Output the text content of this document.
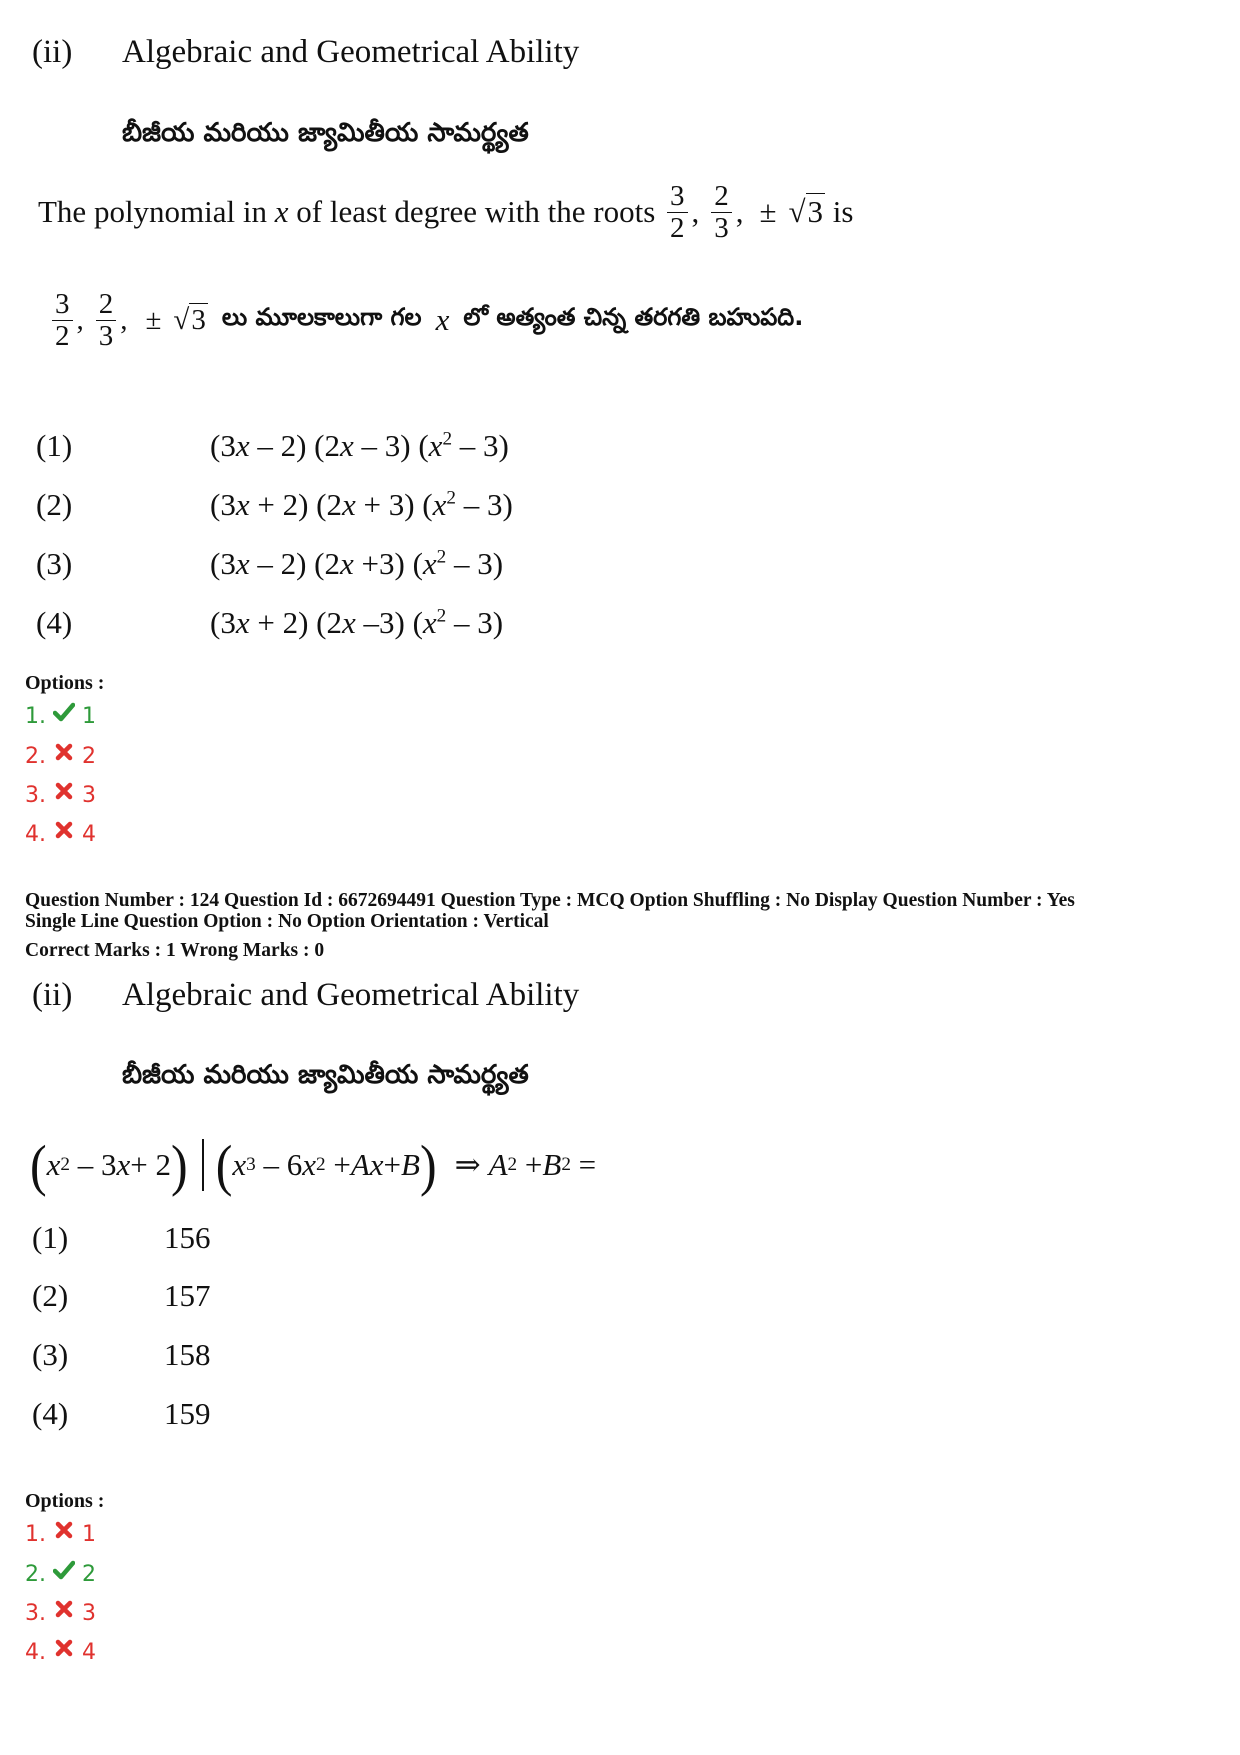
(ii) Algebraic and Geometrical Ability
బీజీయ మరియు జ్యామితీయ సామర్థ్యత
The polynomial in x of least degree with the roots $\frac{3}{2}$ , $\frac{2}{3}$ , ± √3 is
$\frac{3}{2}$ , $\frac{2}{3}$ , ± √3 లు మూలకాలుగా గల x లో అత్యంత చిన్న తరగతి బహుపది.
(1)	(3x – 2) (2x – 3) $(x^2 - 3)$
(2)	(3x + 2) (2x + 3) $(x^2 - 3)$
(3)	(3x – 2) (2x +3) $(x^2 - 3)$
(4)	(3x + 2) (2x –3) $(x^2 - 3)$
Options :
1. 1
2. 2
3. 3
4. 4
Question Number : 124 Question Id : 6672694491 Question Type : MCQ Option Shuffling : No Display Question Number : Yes
Single Line Question Option : No Option Orientation : Vertical
Correct Marks : 1 Wrong Marks : 0
(ii) Algebraic and Geometrical Ability
బీజీయ మరియు జ్యామితీయ సామర్థ్యత
( x 2 – 3 x + 2 ) ( x 3 – 6 x 2 + Ax + B ) ⇒ A 2 + B 2 =
(1)	156
(2)	157
(3)	158
(4)	159
Options :
1. 1
2. 2
3. 3
4. 4
